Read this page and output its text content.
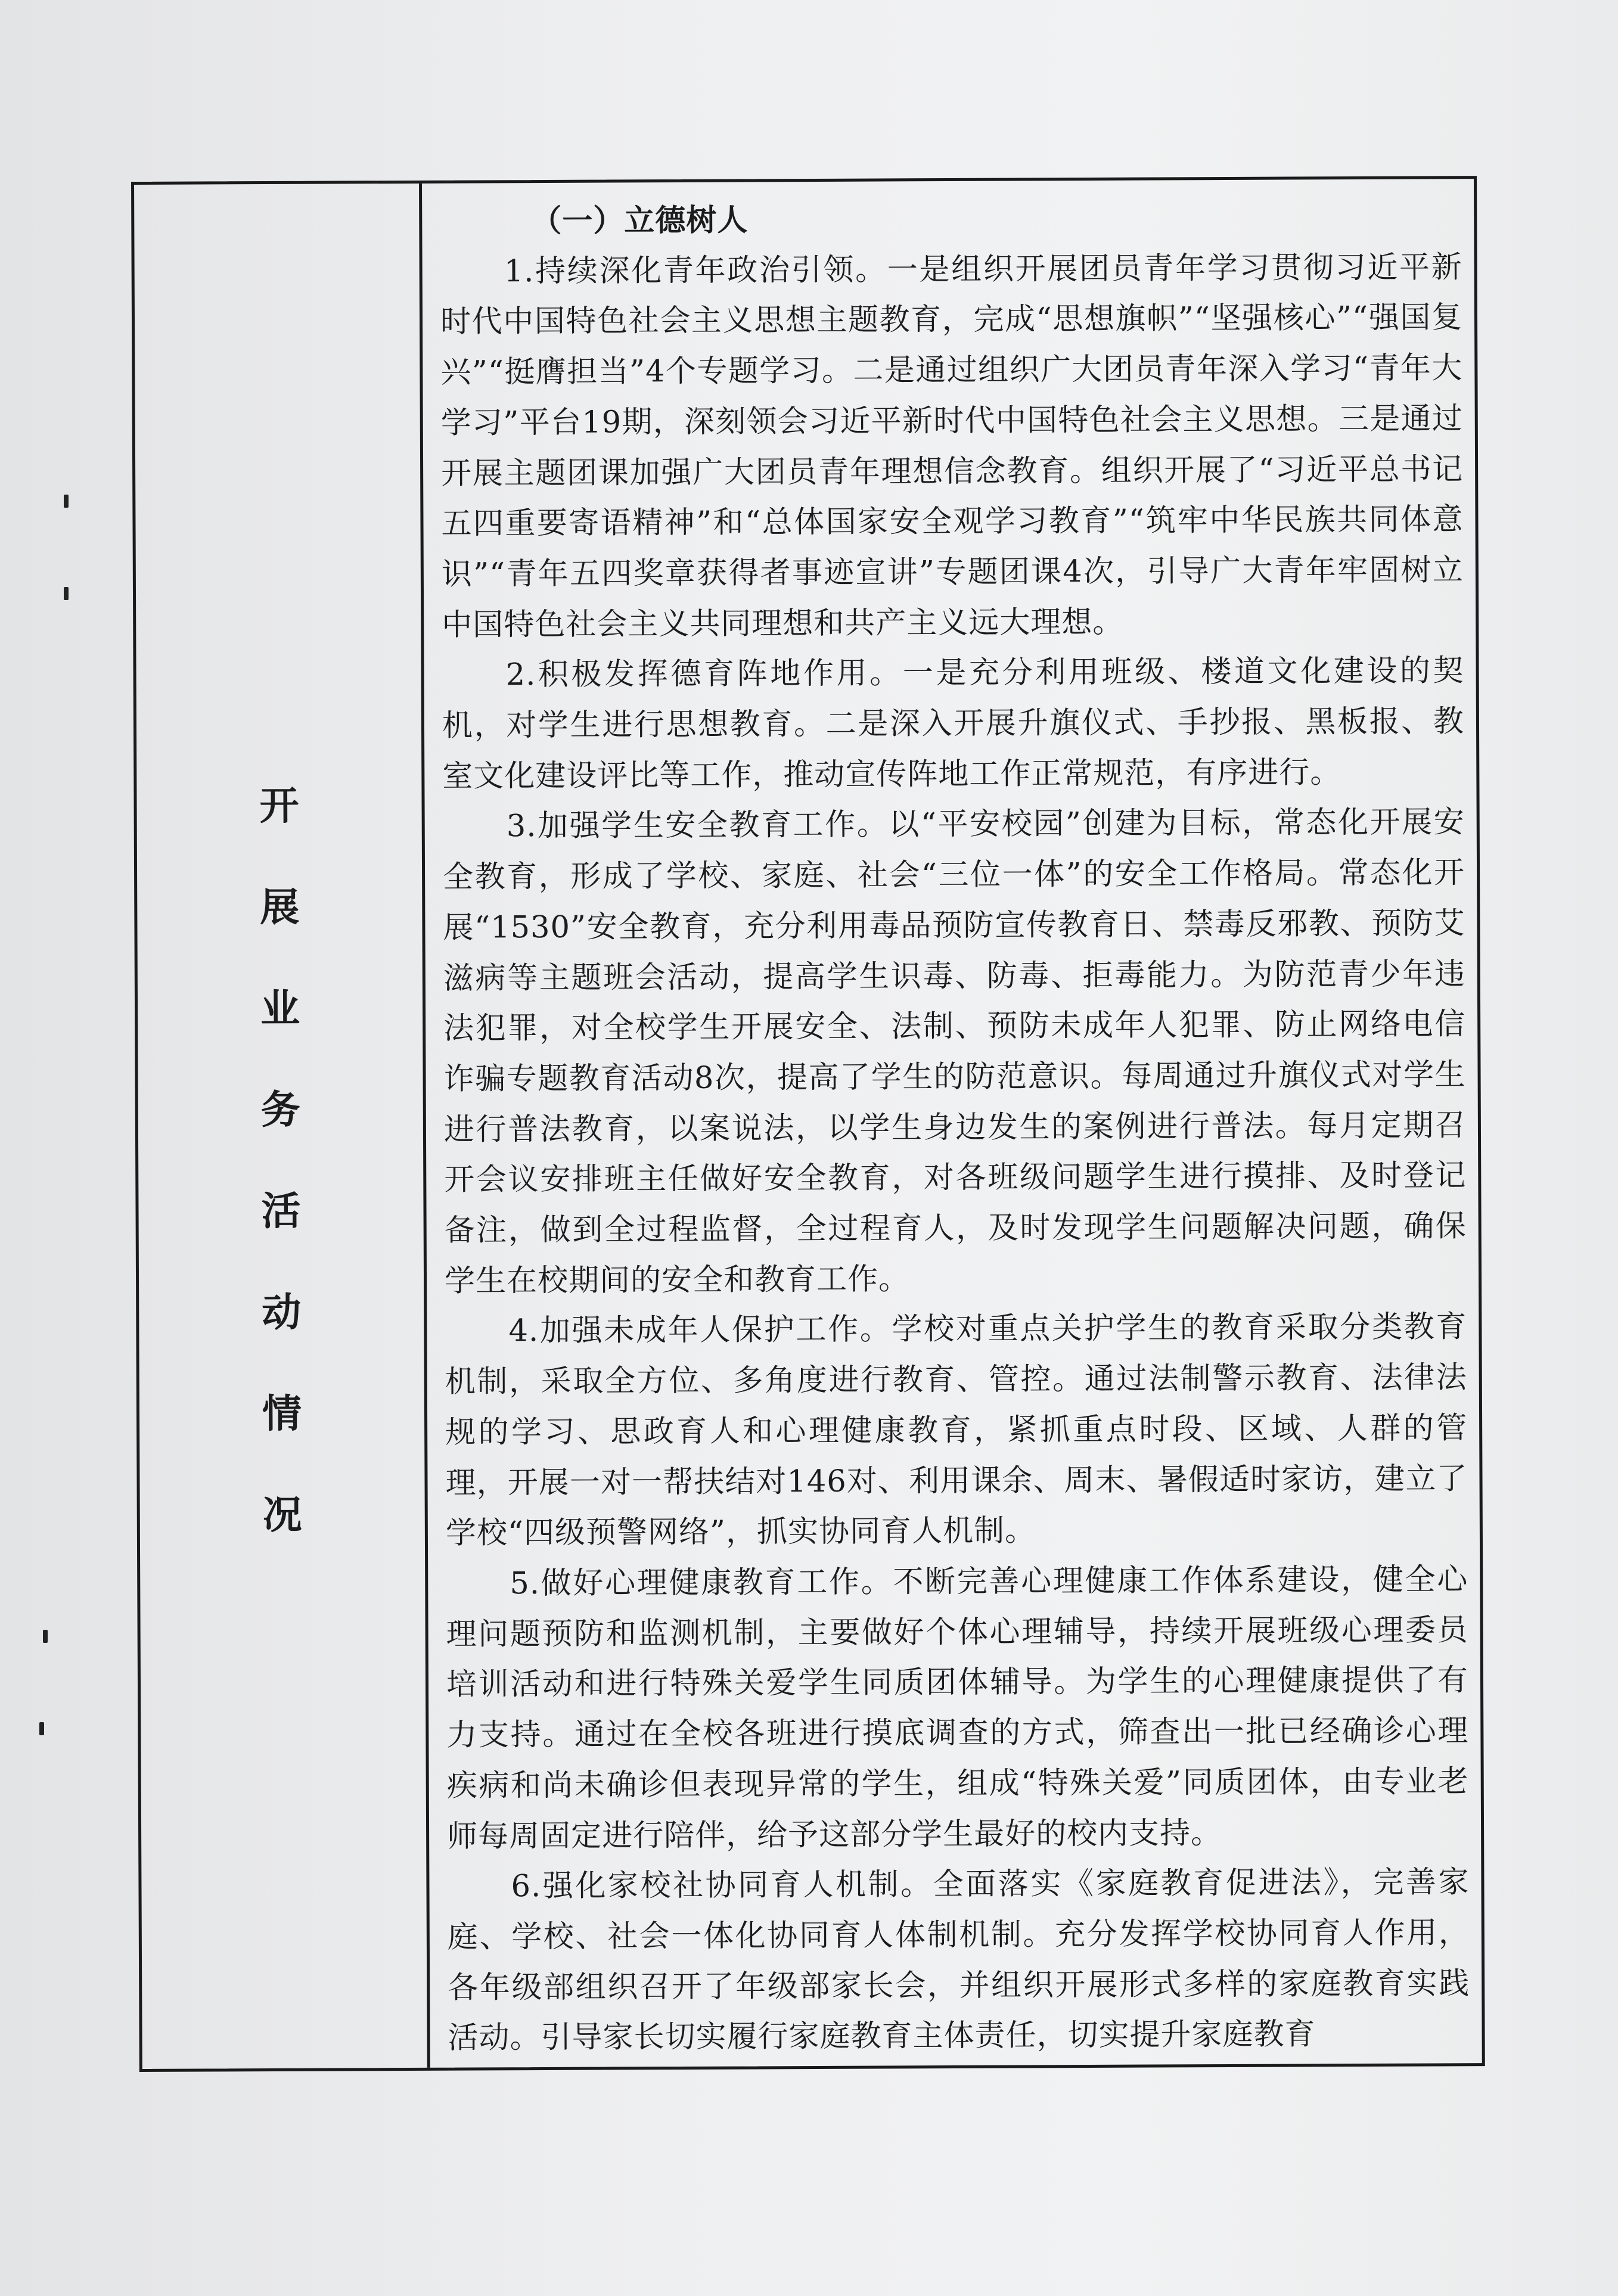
开
展
业
务
活
动
情
况

（一）立德树人

1.持续深化青年政治引领。一是组织开展团员青年学习贯彻习近平新时代中国特色社会主义思想主题教育，完成“思想旗帜”“坚强核心”“强国复兴”“挺膺担当”4个专题学习。二是通过组织广大团员青年深入学习“青年大学习”平台19期，深刻领会习近平新时代中国特色社会主义思想。三是通过开展主题团课加强广大团员青年理想信念教育。组织开展了“习近平总书记五四重要寄语精神”和“总体国家安全观学习教育”“筑牢中华民族共同体意识”“青年五四奖章获得者事迹宣讲”专题团课4次，引导广大青年牢固树立中国特色社会主义共同理想和共产主义远大理想。

2.积极发挥德育阵地作用。一是充分利用班级、楼道文化建设的契机，对学生进行思想教育。二是深入开展升旗仪式、手抄报、黑板报、教室文化建设评比等工作，推动宣传阵地工作正常规范，有序进行。

3.加强学生安全教育工作。以“平安校园”创建为目标，常态化开展安全教育，形成了学校、家庭、社会“三位一体”的安全工作格局。常态化开展“1530”安全教育，充分利用毒品预防宣传教育日、禁毒反邪教、预防艾滋病等主题班会活动，提高学生识毒、防毒、拒毒能力。为防范青少年违法犯罪，对全校学生开展安全、法制、预防未成年人犯罪、防止网络电信诈骗专题教育活动8次，提高了学生的防范意识。每周通过升旗仪式对学生进行普法教育，以案说法，以学生身边发生的案例进行普法。每月定期召开会议安排班主任做好安全教育，对各班级问题学生进行摸排、及时登记备注，做到全过程监督，全过程育人，及时发现学生问题解决问题，确保学生在校期间的安全和教育工作。

4.加强未成年人保护工作。学校对重点关护学生的教育采取分类教育机制，采取全方位、多角度进行教育、管控。通过法制警示教育、法律法规的学习、思政育人和心理健康教育，紧抓重点时段、区域、人群的管理，开展一对一帮扶结对146对、利用课余、周末、暑假适时家访，建立了学校“四级预警网络”，抓实协同育人机制。

5.做好心理健康教育工作。不断完善心理健康工作体系建设，健全心理问题预防和监测机制，主要做好个体心理辅导，持续开展班级心理委员培训活动和进行特殊关爱学生同质团体辅导。为学生的心理健康提供了有力支持。通过在全校各班进行摸底调查的方式，筛查出一批已经确诊心理疾病和尚未确诊但表现异常的学生，组成“特殊关爱”同质团体，由专业老师每周固定进行陪伴，给予这部分学生最好的校内支持。

6.强化家校社协同育人机制。全面落实《家庭教育促进法》，完善家庭、学校、社会一体化协同育人体制机制。充分发挥学校协同育人作用，各年级部组织召开了年级部家长会，并组织开展形式多样的家庭教育实践活动。引导家长切实履行家庭教育主体责任，切实提升家庭教育
